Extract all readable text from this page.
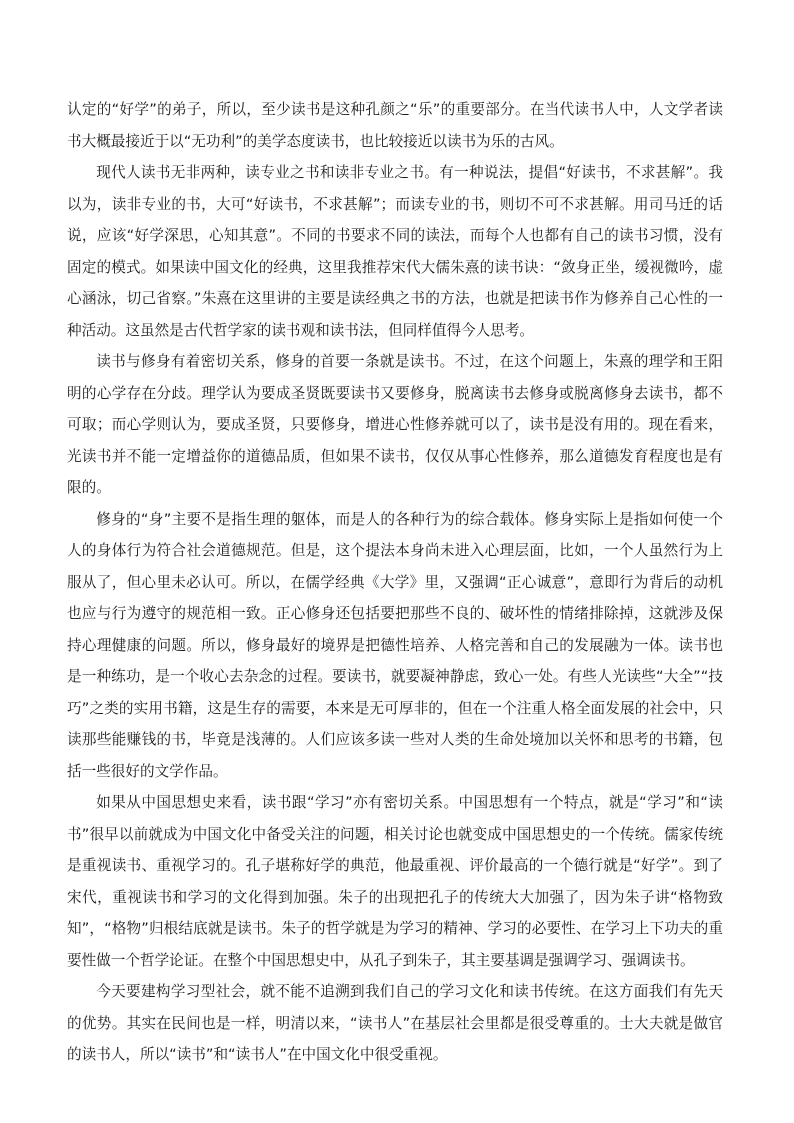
认定的“好学”的弟子，所以，至少读书是这种孔颜之“乐”的重要部分。在当代读书人中，人文学者读书大概最接近于以“无功利”的美学态度读书，也比较接近以读书为乐的古风。

现代人读书无非两种，读专业之书和读非专业之书。有一种说法，提倡“好读书，不求甚解”。我以为，读非专业的书，大可“好读书，不求甚解”；而读专业的书，则切不可不求甚解。用司马迁的话说，应该“好学深思，心知其意”。不同的书要求不同的读法，而每个人也都有自己的读书习惯，没有固定的模式。如果读中国文化的经典，这里我推荐宋代大儒朱熹的读书诀：“敛身正坐，缓视微吟，虚心涵泳，切己省察。”朱熹在这里讲的主要是读经典之书的方法，也就是把读书作为修养自己心性的一种活动。这虽然是古代哲学家的读书观和读书法，但同样值得今人思考。

读书与修身有着密切关系，修身的首要一条就是读书。不过，在这个问题上，朱熹的理学和王阳明的心学存在分歧。理学认为要成圣贤既要读书又要修身，脱离读书去修身或脱离修身去读书，都不可取；而心学则认为，要成圣贤，只要修身，增进心性修养就可以了，读书是没有用的。现在看来，光读书并不能一定增益你的道德品质，但如果不读书，仅仅从事心性修养，那么道德发育程度也是有限的。

修身的“身”主要不是指生理的躯体，而是人的各种行为的综合载体。修身实际上是指如何使一个人的身体行为符合社会道德规范。但是，这个提法本身尚未进入心理层面，比如，一个人虽然行为上服从了，但心里未必认可。所以，在儒学经典《大学》里，又强调“正心诚意”，意即行为背后的动机也应与行为遵守的规范相一致。正心修身还包括要把那些不良的、破坏性的情绪排除掉，这就涉及保持心理健康的问题。所以，修身最好的境界是把德性培养、人格完善和自己的发展融为一体。读书也是一种练功，是一个收心去杂念的过程。要读书，就要凝神静虑，致心一处。有些人光读些“大全”“技巧”之类的实用书籍，这是生存的需要，本来是无可厚非的，但在一个注重人格全面发展的社会中，只读那些能赚钱的书，毕竟是浅薄的。人们应该多读一些对人类的生命处境加以关怀和思考的书籍，包括一些很好的文学作品。

如果从中国思想史来看，读书跟“学习”亦有密切关系。中国思想有一个特点，就是“学习”和“读书”很早以前就成为中国文化中备受关注的问题，相关讨论也就变成中国思想史的一个传统。儒家传统是重视读书、重视学习的。孔子堪称好学的典范，他最重视、评价最高的一个德行就是“好学”。到了宋代，重视读书和学习的文化得到加强。朱子的出现把孔子的传统大大加强了，因为朱子讲“格物致知”，“格物”归根结底就是读书。朱子的哲学就是为学习的精神、学习的必要性、在学习上下功夫的重要性做一个哲学论证。在整个中国思想史中，从孔子到朱子，其主要基调是强调学习、强调读书。

今天要建构学习型社会，就不能不追溯到我们自己的学习文化和读书传统。在这方面我们有先天的优势。其实在民间也是一样，明清以来，“读书人”在基层社会里都是很受尊重的。士大夫就是做官的读书人，所以“读书”和“读书人”在中国文化中很受重视。
